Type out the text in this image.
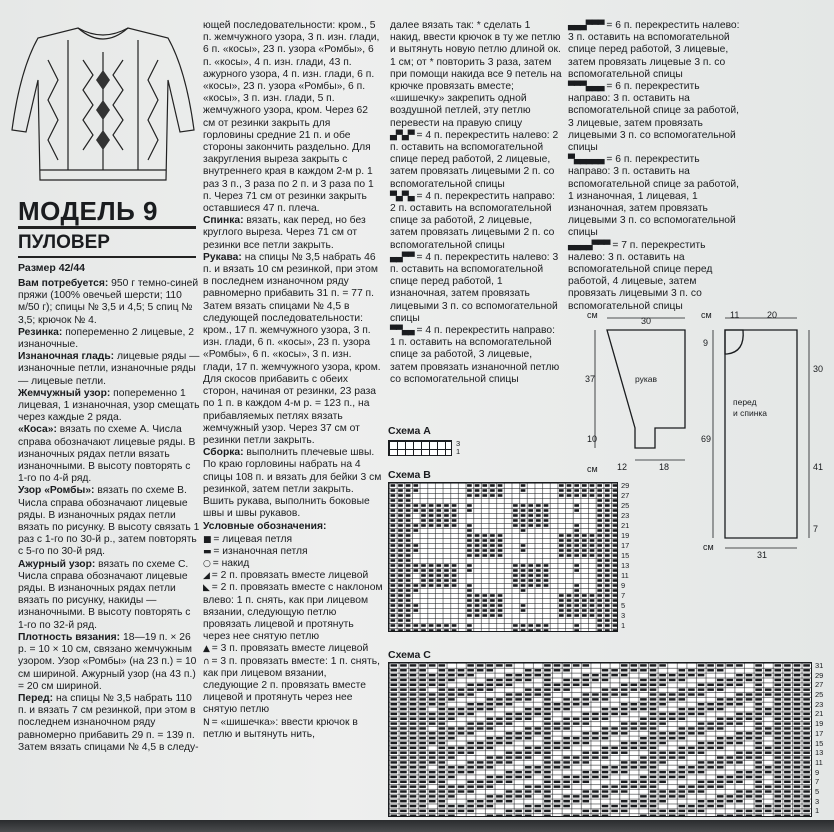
МОДЕЛЬ 9
ПУЛОВЕР
Размер 42/44

Вам потребуется: 950 г темно-синей пряжи (100% овечьей шерсти; 110 м/50 г); спицы № 3,5 и 4,5; 5 спиц № 3,5; крючок № 4.

Резинка: попеременно 2 лицевые, 2 изнаночные.

Изнаночная гладь: лицевые ряды — изнаночные петли, изнаночные ряды — лицевые петли.

Жемчужный узор: попеременно 1 лицевая, 1 изнаночная, узор смещать через каждые 2 ряда.

«Коса»: вязать по схеме А. Числа справа обозначают лицевые ряды. В изнаночных рядах петли вязать изнаночными. В высоту повторять с 1-го по 4-й ряд.

Узор «Ромбы»: вязать по схеме В. Числа справа обозначают лицевые ряды. В изнаночных рядах петли вязать по рисунку. В высоту связать 1 раз с 1-го по 30-й р., затем повторять с 5-го по 30-й ряд.

Ажурный узор: вязать по схеме С. Числа справа обозначают лицевые ряды. В изнаночных рядах петли вязать по рисунку, накиды — изнаночными. В высоту повторять с 1-го по 32-й ряд.

Плотность вязания: 18—19 п. × 26 р. = 10 × 10 см, связано жемчужным узором. Узор «Ромбы» (на 23 п.) = 10 см шириной. Ажурный узор (на 43 п.) = 20 см шириной.

Перед: на спицы № 3,5 набрать 110 п. и вязать 7 см резинкой, при этом в последнем изнаночном ряду равномерно прибавить 29 п. = 139 п. Затем вязать спицами № 4,5 в следу-

ющей последовательности: кром., 5 п. жемчужного узора, 3 п. изн. глади, 6 п. «косы», 23 п. узора «Ромбы», 6 п. «косы», 4 п. изн. глади, 43 п. ажурного узора, 4 п. изн. глади, 6 п. «косы», 23 п. узора «Ромбы», 6 п. «косы», 3 п. изн. глади, 5 п. жемчужного узора, кром. Через 62 см от резинки закрыть для горловины средние 21 п. и обе стороны закончить раздельно. Для закругления выреза закрыть с внутреннего края в каждом 2-м р. 1 раз 3 п., 3 раза по 2 п. и 3 раза по 1 п. Через 71 см от резинки закрыть оставшиеся 47 п. плеча.

Спинка: вязать, как перед, но без круглого выреза. Через 71 см от резинки все петли закрыть.

Рукава: на спицы № 3,5 набрать 46 п. и вязать 10 см резинкой, при этом в последнем изнаночном ряду равномерно прибавить 31 п. = 77 п. Затем вязать спицами № 4,5 в следующей последовательности: кром., 17 п. жемчужного узора, 3 п. изн. глади, 6 п. «косы», 23 п. узора «Ромбы», 6 п. «косы», 3 п. изн. глади, 17 п. жемчужного узора, кром. Для скосов прибавить с обеих сторон, начиная от резинки, 23 раза по 1 п. в каждом 4-м р. = 123 п., на прибавляемых петлях вязать жемчужный узор. Через 37 см от резинки петли закрыть.

Сборка: выполнить плечевые швы. По краю горловины набрать на 4 спицы 108 п. и вязать для бейки 3 см резинкой, затем петли закрыть. Вшить рукава, выполнить боковые швы и швы рукавов.

Условные обозначения:

■ = лицевая петля

▬ = изнаночная петля

○ = накид

◢ = 2 п. провязать вместе лицевой

◣ = 2 п. провязать вместе с наклоном влево: 1 п. снять, как при лицевом вязании, следующую петлю провязать лицевой и протянуть через нее снятую петлю

▲ = 3 п. провязать вместе лицевой

∩ = 3 п. провязать вместе: 1 п. снять, как при лицевом вязании, следующие 2 п. провязать вместе лицевой и протянуть через нее снятую петлю

N = «шишечка»: ввести крючок в петлю и вытянуть нить,

далее вязать так: * сделать 1 накид, ввести крючок в ту же петлю и вытянуть новую петлю длиной ок. 1 см; от * повторить 3 раза, затем при помощи накида все 9 петель на крючке провязать вместе; «шишечку» закрепить одной воздушной петлей, эту петлю перевести на правую спицу

▄▀▄▀ = 4 п. перекрестить налево: 2 п. оставить на вспомогательной спице перед работой, 2 лицевые, затем провязать лицевыми 2 п. со вспомогательной спицы

▀▄▀▄ = 4 п. перекрестить направо: 2 п. оставить на вспомогательной спице за работой, 2 лицевые, затем провязать лицевыми 2 п. со вспомогательной спицы

▄▄▀▀ = 4 п. перекрестить налево: 3 п. оставить на вспомогательной спице перед работой, 1 изнаночная, затем провязать лицевыми 3 п. со вспомогательной спицы

▀▀▄▄ = 4 п. перекрестить направо: 1 п. оставить на вспомогательной спице за работой, 3 лицевые, затем провязать изнаночной петлю со вспомогательной спицы

▄▄▄▀▀▀ = 6 п. перекрестить налево: 3 п. оставить на вспомогательной спице перед работой, 3 лицевые, затем провязать лицевые 3 п. со вспомогательной спицы

▀▀▀▄▄▄ = 6 п. перекрестить направо: 3 п. оставить на вспомогательной спице за работой, 3 лицевые, затем провязать лицевыми 3 п. со вспомогательной спицы

▀▄▄▄▄▄ = 6 п. перекрестить направо: 3 п. оставить на вспомогательной спице за работой, 1 изнаночная, 1 лицевая, 1 изнаночная, затем провязать лицевыми 3 п. со вспомогательной спицы

▄▄▄▄▀▀▀ = 7 п. перекрестить налево: 3 п. оставить на вспомогательной спице перед работой, 4 лицевые, затем провязать лицевыми 3 п. со вспомогательной спицы

Схема A
3
1
Схема B
29
27
25
23
21
19
17
15
13
11
9
7
5
3
1
см
30
37
10
см 12	18
рукав
см 11	20
9
30
69
41
7
см
31
перед
и спинка
Схема C
31
29
27
25
23
21
19
17
15
13
11
9
7
5
3
1
